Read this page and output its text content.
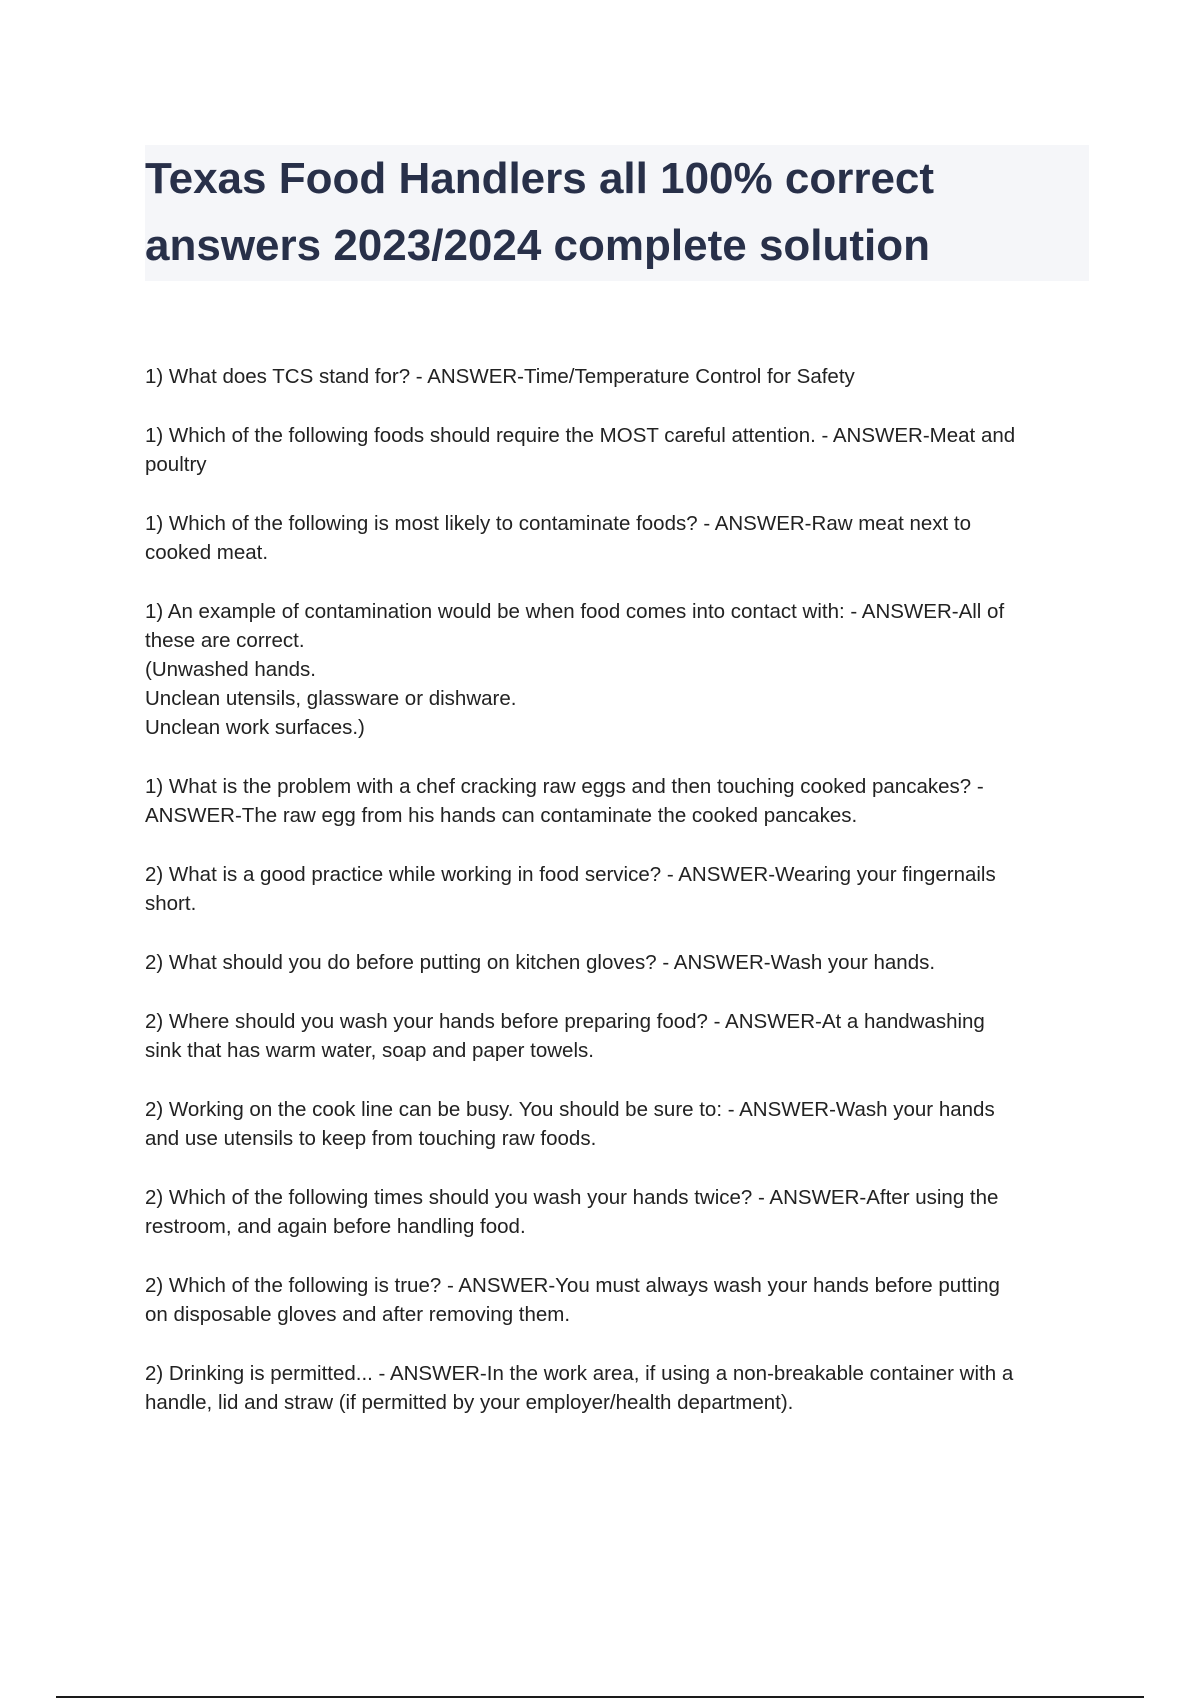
Texas Food Handlers all 100% correct
answers 2023/2024 complete solution
1) What does TCS stand for? - ANSWER-Time/Temperature Control for Safety
1) Which of the following foods should require the MOST careful attention. - ANSWER-Meat and
poultry
1) Which of the following is most likely to contaminate foods? - ANSWER-Raw meat next to
cooked meat.
1) An example of contamination would be when food comes into contact with: - ANSWER-All of
these are correct.
(Unwashed hands.
Unclean utensils, glassware or dishware.
Unclean work surfaces.)
1) What is the problem with a chef cracking raw eggs and then touching cooked pancakes? -
ANSWER-The raw egg from his hands can contaminate the cooked pancakes.
2) What is a good practice while working in food service? - ANSWER-Wearing your fingernails
short.
2) What should you do before putting on kitchen gloves? - ANSWER-Wash your hands.
2) Where should you wash your hands before preparing food? - ANSWER-At a handwashing
sink that has warm water, soap and paper towels.
2) Working on the cook line can be busy. You should be sure to: - ANSWER-Wash your hands
and use utensils to keep from touching raw foods.
2) Which of the following times should you wash your hands twice? - ANSWER-After using the
restroom, and again before handling food.
2) Which of the following is true? - ANSWER-You must always wash your hands before putting
on disposable gloves and after removing them.
2) Drinking is permitted... - ANSWER-In the work area, if using a non-breakable container with a
handle, lid and straw (if permitted by your employer/health department).
